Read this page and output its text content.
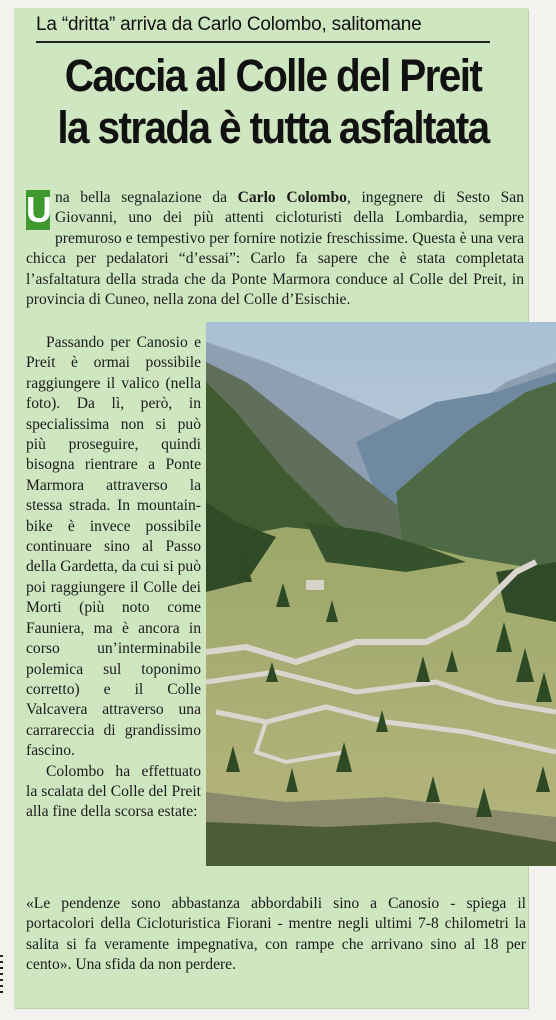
La “dritta” arriva da Carlo Colombo, salitomane
Caccia al Colle del Preit
la strada è tutta asfaltata
U na bella segnalazione da Carlo Colombo, ingegnere di Sesto San Giovanni, uno dei più attenti cicloturisti della Lombardia, sempre premuroso e tempestivo per fornire notizie freschissime. Questa è una vera chicca per pedalatori “d’essai”: Carlo fa sapere che è stata completata l’asfaltatura della strada che da Ponte Marmora conduce al Colle del Preit, in provincia di Cuneo, nella zona del Colle d’Esischie.
Passando per Canosio e Preit è ormai possibile raggiungere il valico (nella foto). Da lì, però, in specialissima non si può più proseguire, quindi bisogna rientrare a Ponte Marmora attraverso la stessa strada. In mountain-bike è invece possibile continuare sino al Passo della Gardetta, da cui si può poi raggiungere il Colle dei Morti (più noto come Fauniera, ma è ancora in corso un’interminabile polemica sul toponimo corretto) e il Colle Valcavera attraverso una carrareccia di grandissimo fascino.
Colombo ha effettuato la scalata del Colle del Preit alla fine della scorsa estate:
«Le pendenze sono abbastanza abbordabili sino a Canosio - spiega il portacolori della Cicloturistica Fiorani - mentre negli ultimi 7-8 chilometri la salita si fa veramente impegnativa, con rampe che arrivano sino al 18 per cento». Una sfida da non perdere.
